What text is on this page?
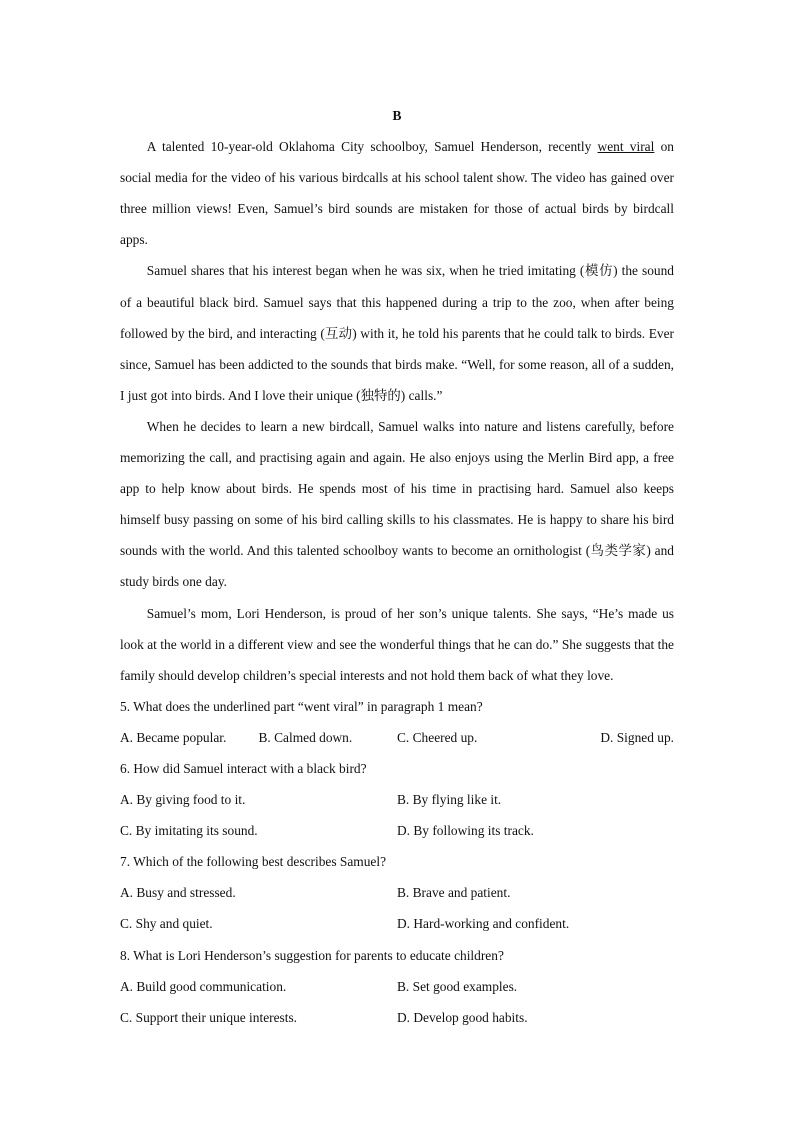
B

A talented 10-year-old Oklahoma City schoolboy, Samuel Henderson, recently went viral on social media for the video of his various birdcalls at his school talent show. The video has gained over three million views! Even, Samuel’s bird sounds are mistaken for those of actual birds by birdcall apps.

Samuel shares that his interest began when he was six, when he tried imitating (模仿) the sound of a beautiful black bird. Samuel says that this happened during a trip to the zoo, when after being followed by the bird, and interacting (互动) with it, he told his parents that he could talk to birds. Ever since, Samuel has been addicted to the sounds that birds make. “Well, for some reason, all of a sudden, I just got into birds. And I love their unique (独特的) calls.”

When he decides to learn a new birdcall, Samuel walks into nature and listens carefully, before memorizing the call, and practising again and again. He also enjoys using the Merlin Bird app, a free app to help know about birds. He spends most of his time in practising hard. Samuel also keeps himself busy passing on some of his bird calling skills to his classmates. He is happy to share his bird sounds with the world. And this talented schoolboy wants to become an ornithologist (鸟类学家) and study birds one day.

Samuel’s mom, Lori Henderson, is proud of her son’s unique talents. She says, “He’s made us look at the world in a different view and see the wonderful things that he can do.” She suggests that the family should develop children’s special interests and not hold them back of what they love.

5. What does the underlined part “went viral” in paragraph 1 mean?

A. Became popular.	B. Calmed down.	C. Cheered up.	D. Signed up.

6. How did Samuel interact with a black bird?

A. By giving food to it.	B. By flying like it.
C. By imitating its sound.	D. By following its track.

7. Which of the following best describes Samuel?

A. Busy and stressed.	B. Brave and patient.
C. Shy and quiet.	D. Hard-working and confident.

8. What is Lori Henderson’s suggestion for parents to educate children?

A. Build good communication.	B. Set good examples.
C. Support their unique interests.	D. Develop good habits.
